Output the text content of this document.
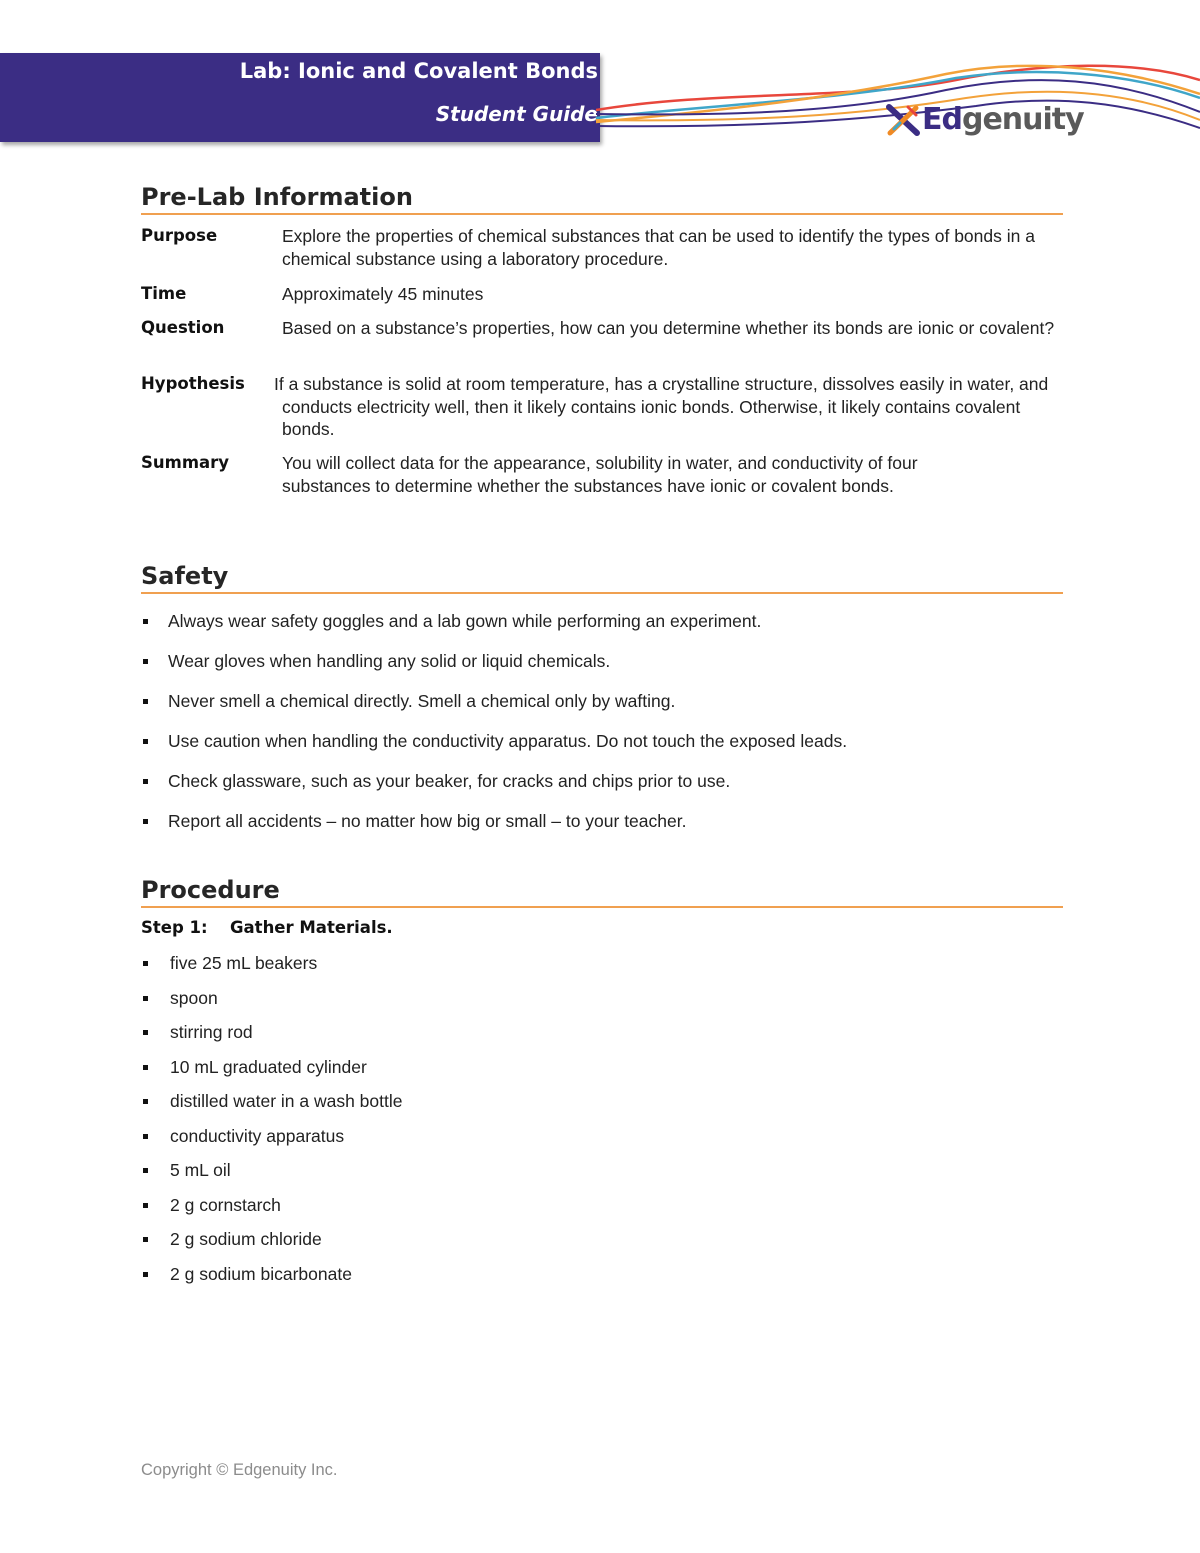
Lab: Ionic and Covalent Bonds
Student Guide	Edgenuity
Pre-Lab Information
Purpose	Explore the properties of chemical substances that can be used to identify the types of bonds in a chemical substance using a laboratory procedure.
Time	Approximately 45 minutes
Question	Based on a substance’s properties, how can you determine whether its bonds are ionic or covalent?
Hypothesis If a substance is solid at room temperature, has a crystalline structure, dissolves easily in water, and conducts electricity well, then it likely contains ionic bonds. Otherwise, it likely contains covalent bonds.
Summary	You will collect data for the appearance, solubility in water, and conductivity of four substances to determine whether the substances have ionic or covalent bonds.
Safety
Always wear safety goggles and a lab gown while performing an experiment.
Wear gloves when handling any solid or liquid chemicals.
Never smell a chemical directly. Smell a chemical only by wafting.
Use caution when handling the conductivity apparatus. Do not touch the exposed leads.
Check glassware, such as your beaker, for cracks and chips prior to use.
Report all accidents – no matter how big or small – to your teacher.
Procedure
Step 1: Gather Materials.
five 25 mL beakers
spoon
stirring rod
10 mL graduated cylinder
distilled water in a wash bottle
conductivity apparatus
5 mL oil
2 g cornstarch
2 g sodium chloride
2 g sodium bicarbonate
Copyright © Edgenuity Inc.
